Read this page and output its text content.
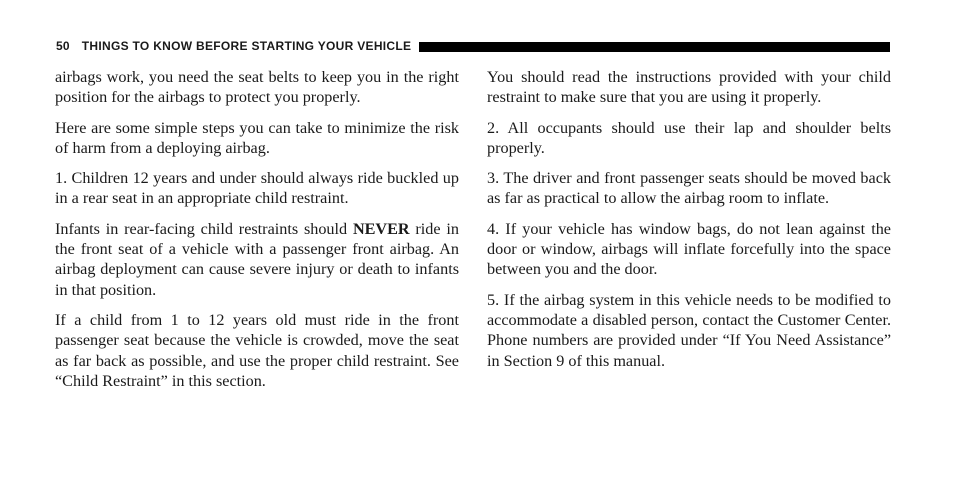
50 THINGS TO KNOW BEFORE STARTING YOUR VEHICLE

airbags work, you need the seat belts to keep you in the right position for the airbags to protect you properly.

Here are some simple steps you can take to minimize the risk of harm from a deploying airbag.

1. Children 12 years and under should always ride buckled up in a rear seat in an appropriate child restraint.

Infants in rear-facing child restraints should NEVER ride in the front seat of a vehicle with a passenger front airbag. An airbag deployment can cause severe injury or death to infants in that position.

If a child from 1 to 12 years old must ride in the front passenger seat because the vehicle is crowded, move the seat as far back as possible, and use the proper child restraint. See “Child Restraint” in this section.

You should read the instructions provided with your child restraint to make sure that you are using it properly.

2. All occupants should use their lap and shoulder belts properly.

3. The driver and front passenger seats should be moved back as far as practical to allow the airbag room to inflate.

4. If your vehicle has window bags, do not lean against the door or window, airbags will inflate forcefully into the space between you and the door.

5. If the airbag system in this vehicle needs to be modified to accommodate a disabled person, contact the Customer Center. Phone numbers are provided under “If You Need Assistance” in Section 9 of this manual.
